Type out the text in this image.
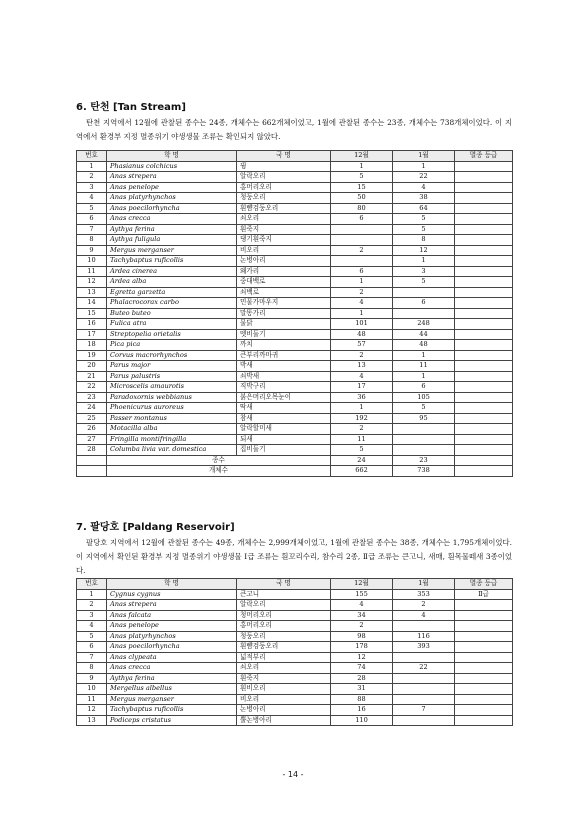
6. 탄천 [Tan Stream]
탄천 지역에서 12월에 관찰된 종수는 24종, 개체수는 662개체이었고, 1월에 관찰된 종수는 23종, 개체수는 738개체이었다. 이 지역에서 환경부 지정 멸종위기 야생생물 조류는 확인되지 않았다.
번호	학 명	국 명	12월	1월	멸종 등급
1	Phasianus colchicus	꿩	1	1	
2	Anas strepera	알락오리	5	22	
3	Anas penelope	홍머리오리	15	4	
4	Anas platyrhynchos	청둥오리	50	38	
5	Anas poecilorhyncha	흰뺨검둥오리	80	64	
6	Anas crecca	쇠오리	6	5	
7	Aythya ferina	흰죽지		5	
8	Aythya fuligula	댕기흰죽지		8	
9	Mergus merganser	비오리	2	12	
10	Tachybaptus ruficollis	논병아리		1	
11	Ardea cinerea	왜가리	6	3	
12	Ardea alba	중대백로	1	5	
13	Egretta garzetta	쇠백로	2		
14	Phalacrocorax carbo	민물가마우지	4	6	
15	Buteo buteo	말똥가리	1		
16	Fulica atra	물닭	101	248	
17	Streptopelia orietalis	멧비둘기	48	44	
18	Pica pica	까치	57	48	
19	Corvus macrorhynchos	큰부리까마귀	2	1	
20	Parus major	박새	13	11	
21	Parus palustris	쇠박새	4	1	
22	Microscelis amaurotis	직박구리	17	6	
23	Paradoxornis webbianus	붉은머리오목눈이	36	105	
24	Phoenicurus auroreus	딱새	1	5	
25	Passer montanus	참새	192	95	
26	Motacilla alba	알락할미새	2		
27	Fringilla montifringilla	되새	11		
28	Columba livia var. domestica	집비둘기	5		
	종수		24	23	
	개체수		662	738	
7. 팔당호 [Paldang Reservoir]
팔당호 지역에서 12월에 관찰된 종수는 49종, 개체수는 2,999개체이었고, 1월에 관찰된 종수는 38종, 개체수는 1,795개체이었다. 이 지역에서 확인된 환경부 지정 멸종위기 야생생물 Ⅰ급 조류는 흰꼬리수리, 참수리 2종, Ⅱ급 조류는 큰고니, 새매, 흰목물떼새 3종이었다.
번호	학 명	국 명	12월	1월	멸종 등급
1	Cygnus cygnus	큰고니	155	353	Ⅱ급
2	Anas strepera	알락오리	4	2	
3	Anas falcata	청머리오리	34	4	
4	Anas penelope	홍머리오리	2		
5	Anas platyrhynchos	청둥오리	98	116	
6	Anas poecilorhyncha	흰뺨검둥오리	178	393	
7	Anas clypeata	넓적부리	12		
8	Anas crecca	쇠오리	74	22	
9	Aythya ferina	흰죽지	28		
10	Mergellus albellus	흰비오리	31		
11	Mergus merganser	비오리	88		
12	Tachybaptus ruficollis	논병아리	16	7	
13	Podiceps cristatus	뿔논병아리	110		
- 14 -
